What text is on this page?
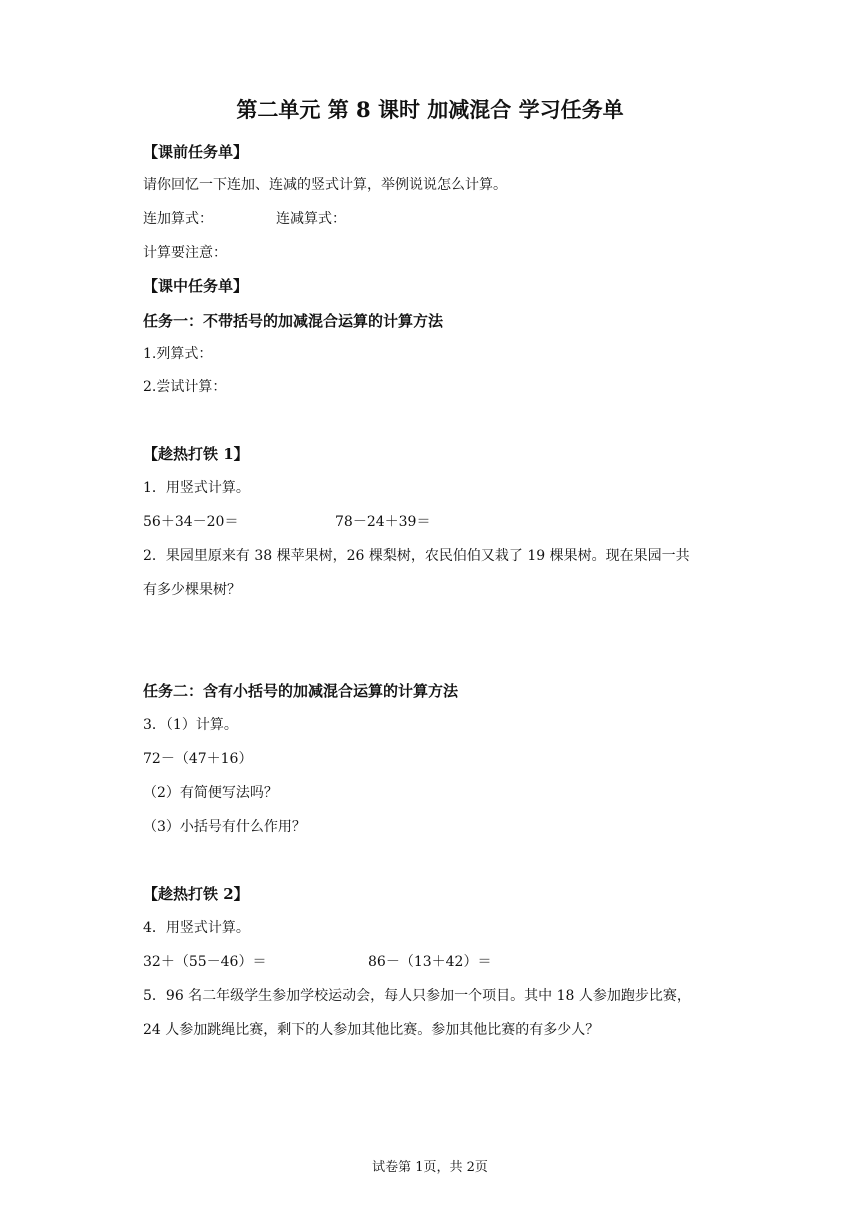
第二单元 第 8 课时 加减混合 学习任务单
【课前任务单】
请你回忆一下连加、连减的竖式计算，举例说说怎么计算。
连加算式：	连减算式：
计算要注意：
【课中任务单】
任务一：不带括号的加减混合运算的计算方法
1.列算式：
2.尝试计算：
【趁热打铁 1】
1．用竖式计算。
56＋34－20＝	78－24＋39＝
2．果园里原来有 38 棵苹果树，26 棵梨树，农民伯伯又栽了 19 棵果树。现在果园一共
有多少棵果树？
任务二：含有小括号的加减混合运算的计算方法
3．（1）计算。
72－（47＋16）
（2）有简便写法吗？
（3）小括号有什么作用？
【趁热打铁 2】
4．用竖式计算。
32＋（55－46）＝	86－（13＋42）＝
5．96 名二年级学生参加学校运动会，每人只参加一个项目。其中 18 人参加跑步比赛，
24 人参加跳绳比赛，剩下的人参加其他比赛。参加其他比赛的有多少人？
试卷第 1页，共 2页
